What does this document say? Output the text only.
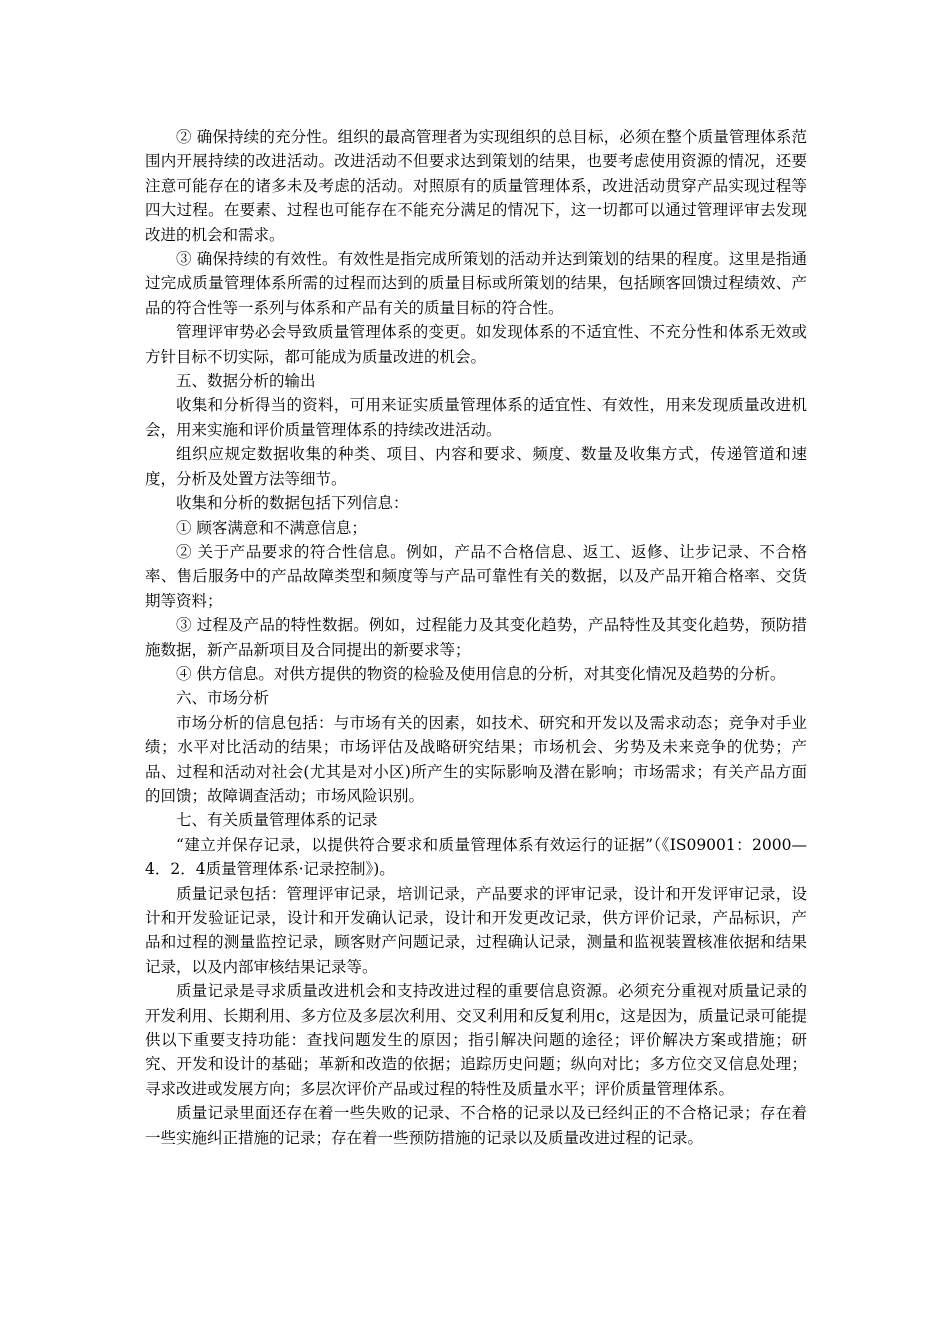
② 确保持续的充分性。组织的最高管理者为实现组织的总目标，必须在整个质量管理体系范围内开展持续的改进活动。改进活动不但要求达到策划的结果，也要考虑使用资源的情况，还要注意可能存在的诸多未及考虑的活动。对照原有的质量管理体系，改进活动贯穿产品实现过程等四大过程。在要素、过程也可能存在不能充分满足的情况下，这一切都可以通过管理评审去发现改进的机会和需求。

③ 确保持续的有效性。有效性是指完成所策划的活动并达到策划的结果的程度。这里是指通过完成质量管理体系所需的过程而达到的质量目标或所策划的结果，包括顾客回馈过程绩效、产品的符合性等一系列与体系和产品有关的质量目标的符合性。

管理评审势必会导致质量管理体系的变更。如发现体系的不适宜性、不充分性和体系无效或方针目标不切实际，都可能成为质量改进的机会。

五、数据分析的输出

收集和分析得当的资料，可用来证实质量管理体系的适宜性、有效性，用来发现质量改进机会，用来实施和评价质量管理体系的持续改进活动。

组织应规定数据收集的种类、项目、内容和要求、频度、数量及收集方式，传递管道和速度，分析及处置方法等细节。

收集和分析的数据包括下列信息：

① 顾客满意和不满意信息；

② 关于产品要求的符合性信息。例如，产品不合格信息、返工、返修、让步记录、不合格率、售后服务中的产品故障类型和频度等与产品可靠性有关的数据，以及产品开箱合格率、交货期等资料；

③ 过程及产品的特性数据。例如，过程能力及其变化趋势，产品特性及其变化趋势，预防措施数据，新产品新项目及合同提出的新要求等；

④ 供方信息。对供方提供的物资的检验及使用信息的分析，对其变化情况及趋势的分析。

六、市场分析

市场分析的信息包括：与市场有关的因素，如技术、研究和开发以及需求动态；竞争对手业绩；水平对比活动的结果；市场评估及战略研究结果；市场机会、劣势及未来竞争的优势；产品、过程和活动对社会(尤其是对小区)所产生的实际影响及潜在影响；市场需求；有关产品方面的回馈；故障调查活动；市场风险识别。

七、有关质量管理体系的记录

“建立并保存记录，以提供符合要求和质量管理体系有效运行的证据”（《IS09001：2000—4．2．4质量管理体系·记录控制》)。

质量记录包括：管理评审记录，培训记录，产品要求的评审记录，设计和开发评审记录，设计和开发验证记录，设计和开发确认记录，设计和开发更改记录，供方评价记录，产品标识，产品和过程的测量监控记录，顾客财产问题记录，过程确认记录，测量和监视装置核准依据和结果记录，以及内部审核结果记录等。

质量记录是寻求质量改进机会和支持改进过程的重要信息资源。必须充分重视对质量记录的开发利用、长期利用、多方位及多层次利用、交叉利用和反复利用c，这是因为，质量记录可能提供以下重要支持功能：查找问题发生的原因；指引解决问题的途径；评价解决方案或措施；研究、开发和设计的基础；革新和改造的依据；追踪历史问题；纵向对比；多方位交叉信息处理；寻求改进或发展方向；多层次评价产品或过程的特性及质量水平；评价质量管理体系。

质量记录里面还存在着一些失败的记录、不合格的记录以及已经纠正的不合格记录；存在着一些实施纠正措施的记录；存在着一些预防措施的记录以及质量改进过程的记录。
